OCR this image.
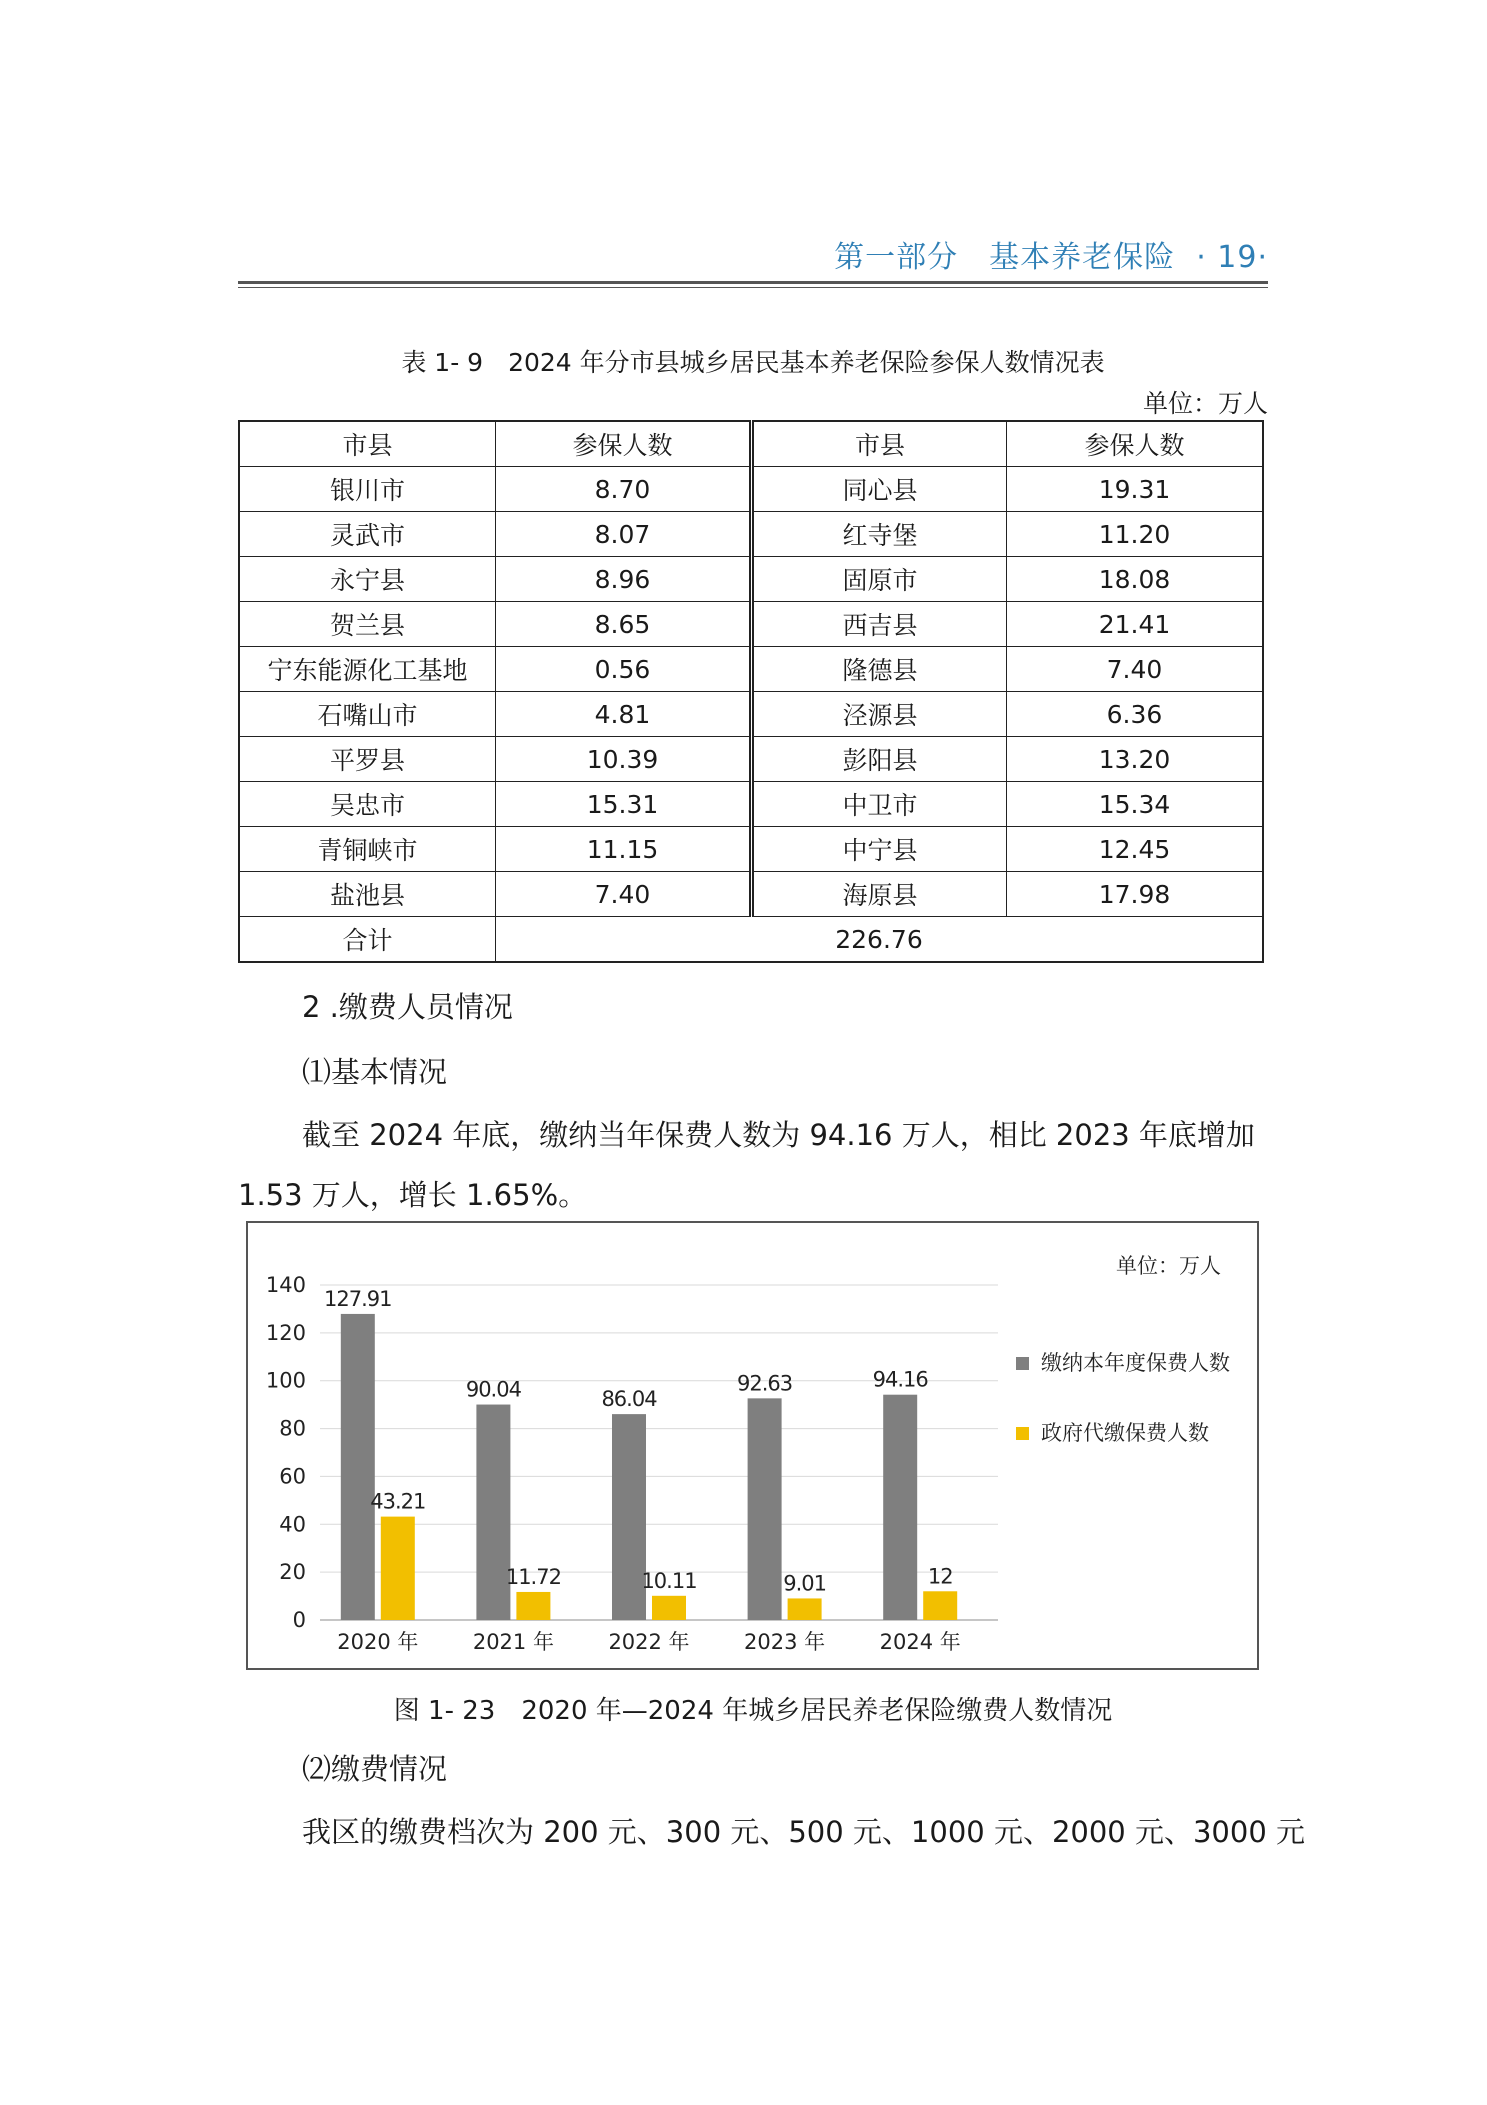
第一部分　基本养老保险 · 19·
表 1- 9　2024 年分市县城乡居民基本养老保险参保人数情况表
单位：万人
市县	参保人数	市县	参保人数
银川市	8.70	同心县	19.31
灵武市	8.07	红寺堡	11.20
永宁县	8.96	固原市	18.08
贺兰县	8.65	西吉县	21.41
宁东能源化工基地	0.56	隆德县	7.40
石嘴山市	4.81	泾源县	6.36
平罗县	10.39	彭阳县	13.20
吴忠市	15.31	中卫市	15.34
青铜峡市	11.15	中宁县	12.45
盐池县	7.40	海原县	17.98
合计	226.76		
2 .缴费人员情况
⑴基本情况
截至 2024 年底，缴纳当年保费人数为 94.16 万人，相比 2023 年底增加
1.53 万人，增长 1.65%。
0
20
40
60
80
100
120
140
127.91
43.21
2020 年
90.04
11.72
2021 年
86.04
10.11
2022 年
92.63
9.01
2023 年
94.16
12
2024 年
单位：万人
缴纳本年度保费人数
政府代缴保费人数
图 1- 23　2020 年—2024 年城乡居民养老保险缴费人数情况
⑵缴费情况
我区的缴费档次为 200 元、300 元、500 元、1000 元、2000 元、3000 元
